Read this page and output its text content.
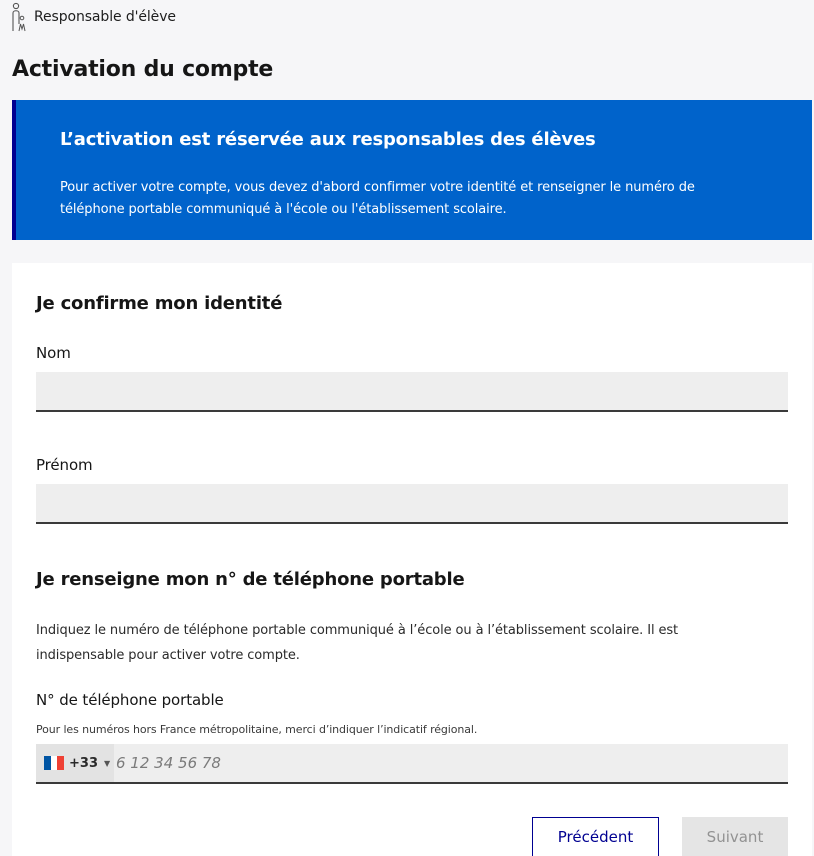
Responsable d'élève
Activation du compte
L’activation est réservée aux responsables des élèves

Pour activer votre compte, vous devez d'abord confirmer votre identité et renseigner le numéro de téléphone portable communiqué à l'école ou l'établissement scolaire.

Je confirme mon identité
Nom
Prénom
Je renseigne mon n° de téléphone portable

Indiquez le numéro de téléphone portable communiqué à l’école ou à l’établissement scolaire. Il est indispensable pour activer votre compte.

N° de téléphone portable
Pour les numéros hors France métropolitaine, merci d’indiquer l’indicatif régional.
+33 ▼
6 12 34 56 78
Précédent	Suivant
